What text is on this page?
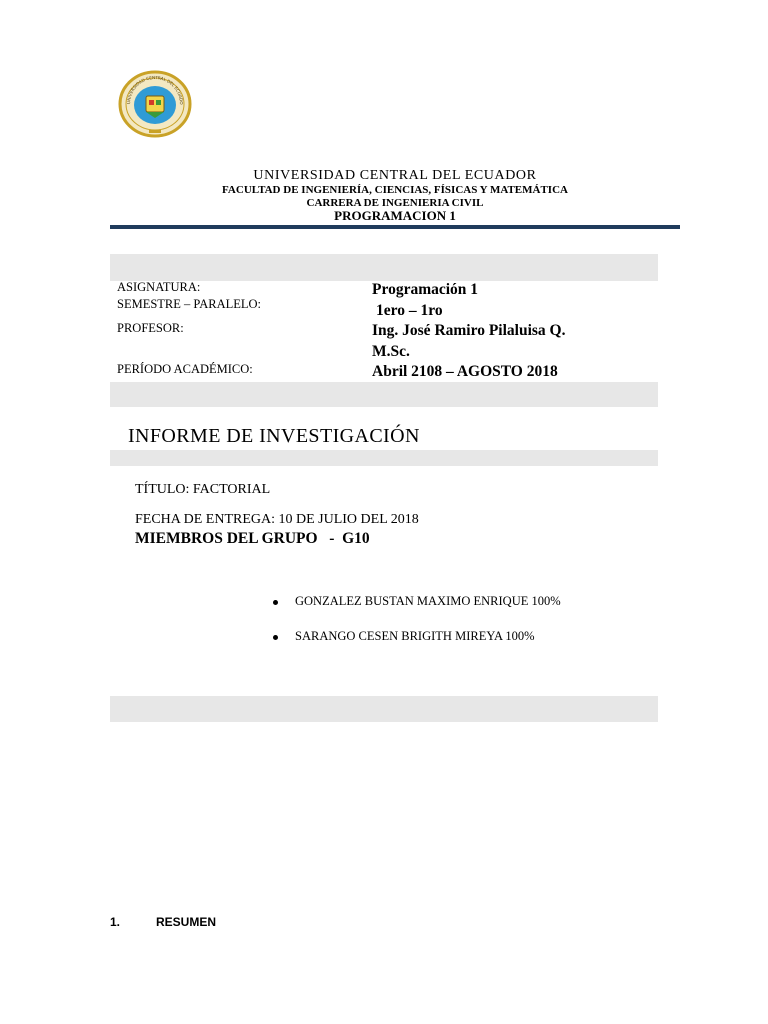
UNIVERSIDAD CENTRAL DEL ECUADO
UNIVERSIDAD CENTRAL DEL ECUADOR
FACULTAD DE INGENIERÍA, CIENCIAS, FÍSICAS Y MATEMÁTICA
CARRERA DE INGENIERIA CIVIL
PROGRAMACION 1
ASIGNATURA:
SEMESTRE – PARALELO:
PROFESOR:
PERÍODO ACADÉMICO:
Programación 1
1ero – 1ro
Ing. José Ramiro Pilaluisa Q.
M.Sc.
Abril 2108 – AGOSTO 2018
INFORME DE INVESTIGACIÓN
TÍTULO: FACTORIAL
FECHA DE ENTREGA: 10 DE JULIO DEL 2018
MIEMBROS DEL GRUPO   -  G10
GONZALEZ BUSTAN MAXIMO ENRIQUE 100%
SARANGO CESEN BRIGITH MIREYA 100%
1.	RESUMEN
